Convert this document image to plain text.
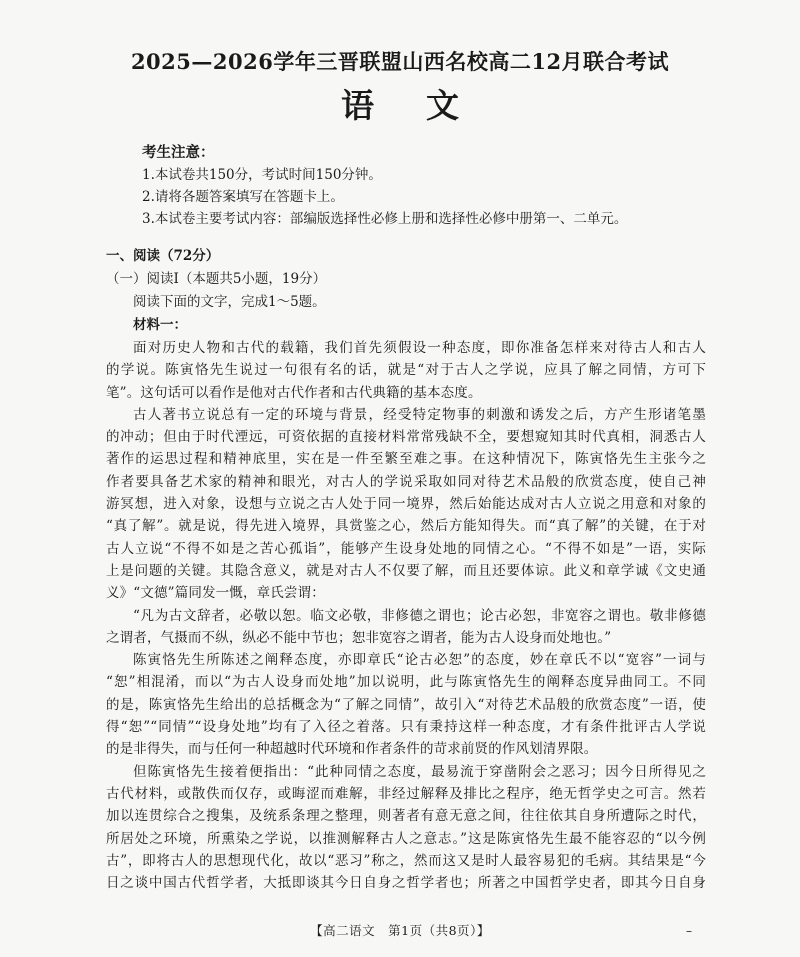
2025—2026学年三晋联盟山西名校高二12月联合考试
语文
考生注意：
1.本试卷共150分，考试时间150分钟。
2.请将各题答案填写在答题卡上。
3.本试卷主要考试内容：部编版选择性必修上册和选择性必修中册第一、二单元。
一、阅读（72分）
（一）阅读Ⅰ（本题共5小题，19分）
阅读下面的文字，完成1～5题。
材料一：
面对历史人物和古代的载籍，我们首先须假设一种态度，即你准备怎样来对待古人和古人
的学说。陈寅恪先生说过一句很有名的话，就是“对于古人之学说，应具了解之同情，方可下
笔”。这句话可以看作是他对古代作者和古代典籍的基本态度。
古人著书立说总有一定的环境与背景，经受特定物事的刺激和诱发之后，方产生形诸笔墨
的冲动；但由于时代湮远，可资依据的直接材料常常残缺不全，要想窥知其时代真相，洞悉古人
著作的运思过程和精神底里，实在是一件至繁至难之事。在这种情况下，陈寅恪先生主张今之
作者要具备艺术家的精神和眼光，对古人的学说采取如同对待艺术品般的欣赏态度，使自己神
游冥想，进入对象，设想与立说之古人处于同一境界，然后始能达成对古人立说之用意和对象的
“真了解”。就是说，得先进入境界，具赏鉴之心，然后方能知得失。而“真了解”的关键，在于对
古人立说“不得不如是之苦心孤诣”，能够产生设身处地的同情之心。“不得不如是”一语，实际
上是问题的关键。其隐含意义，就是对古人不仅要了解，而且还要体谅。此义和章学诚《文史通
义》“文德”篇同发一慨，章氏尝谓：
“凡为古文辞者，必敬以恕。临文必敬，非修德之谓也；论古必恕，非宽容之谓也。敬非修德
之谓者，气摄而不纵，纵必不能中节也；恕非宽容之谓者，能为古人设身而处地也。”
陈寅恪先生所陈述之阐释态度，亦即章氏“论古必恕”的态度，妙在章氏不以“宽容”一词与
“恕”相混淆，而以“为古人设身而处地”加以说明，此与陈寅恪先生的阐释态度异曲同工。不同
的是，陈寅恪先生给出的总括概念为“了解之同情”，故引入“对待艺术品般的欣赏态度”一语，使
得“恕”“同情”“设身处地”均有了入径之着落。只有秉持这样一种态度，才有条件批评古人学说
的是非得失，而与任何一种超越时代环境和作者条件的苛求前贤的作风划清界限。
但陈寅恪先生接着便指出：“此种同情之态度，最易流于穿凿附会之恶习；因今日所得见之
古代材料，或散佚而仅存，或晦涩而难解，非经过解释及排比之程序，绝无哲学史之可言。然若
加以连贯综合之搜集，及统系条理之整理，则著者有意无意之间，往往依其自身所遭际之时代，
所居处之环境，所熏染之学说，以推测解释古人之意志。”这是陈寅恪先生最不能容忍的“以今例
古”，即将古人的思想现代化，故以“恶习”称之，然而这又是时人最容易犯的毛病。其结果是“今
日之谈中国古代哲学者，大抵即谈其今日自身之哲学者也；所著之中国哲学史者，即其今日自身
【高二语文　第1页（共8页）】	–
